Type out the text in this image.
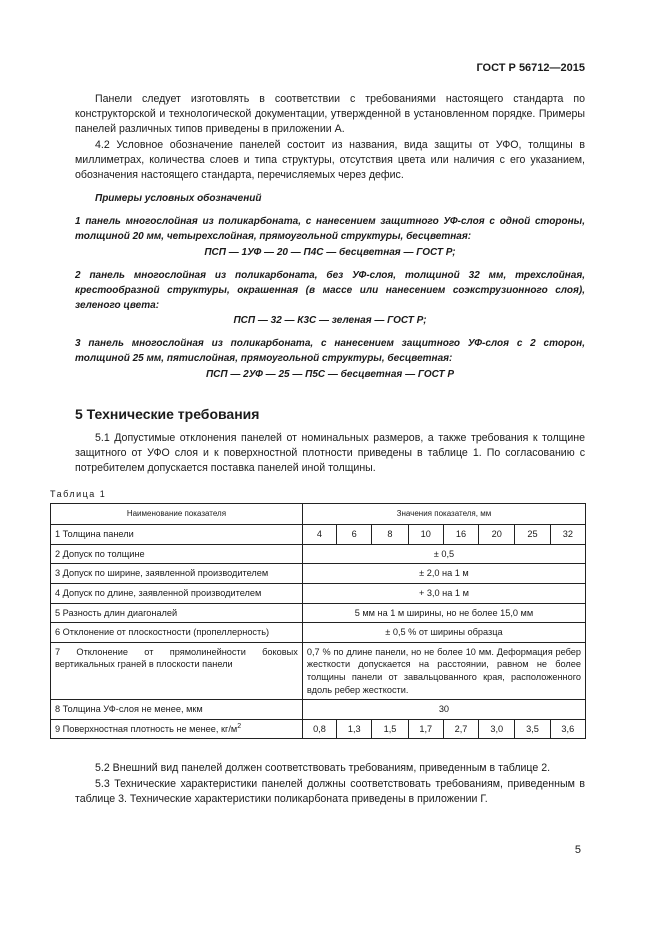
ГОСТ Р 56712—2015

Панели следует изготовлять в соответствии с требованиями настоящего стандарта по конструкторской и технологической документации, утвержденной в установленном порядке. Примеры панелей различных типов приведены в приложении А.

4.2 Условное обозначение панелей состоит из названия, вида защиты от УФО, толщины в миллиметрах, количества слоев и типа структуры, отсутствия цвета или наличия с его указанием, обозначения настоящего стандарта, перечисляемых через дефис.

Примеры условных обозначений

1 панель многослойная из поликарбоната, с нанесением защитного УФ-слоя с одной стороны, толщиной 20 мм, четырехслойная, прямоугольной структуры, бесцветная:

ПСП — 1УФ — 20 — П4С — бесцветная — ГОСТ Р;

2 панель многослойная из поликарбоната, без УФ-слоя, толщиной 32 мм, трехслойная, крестообразной структуры, окрашенная (в массе или нанесением соэкструзионного слоя), зеленого цвета:

ПСП — 32 — К3С — зеленая — ГОСТ Р;

3 панель многослойная из поликарбоната, с нанесением защитного УФ-слоя с 2 сторон, толщиной 25 мм, пятислойная, прямоугольной структуры, бесцветная:

ПСП — 2УФ — 25 — П5С — бесцветная — ГОСТ Р

5 Технические требования

5.1 Допустимые отклонения панелей от номинальных размеров, а также требования к толщине защитного от УФО слоя и к поверхностной плотности приведены в таблице 1. По согласованию с потребителем допускается поставка панелей иной толщины.

Таблица 1
Наименование показателя	Значения показателя, мм							
1 Толщина панели	4	6	8	10	16	20	25	32
2 Допуск по толщине	± 0,5							
3 Допуск по ширине, заявленной производителем	± 2,0 на 1 м							
4 Допуск по длине, заявленной производителем	+ 3,0 на 1 м							
5 Разность длин диагоналей	5 мм на 1 м ширины, но не более 15,0 мм							
6 Отклонение от плоскостности (пропеллерность)	± 0,5 % от ширины образца							
7 Отклонение от прямолинейности боковых вертикальных граней в плоскости панели	0,7 % по длине панели, но не более 10 мм. Деформация ребер жесткости допускается на расстоянии, равном не более толщины панели от завальцованного края, расположенного вдоль ребер жесткости.							
8 Толщина УФ-слоя не менее, мкм	30							
9 Поверхностная плотность не менее, $кг/м^2$	0,8	1,3	1,5	1,7	2,7	3,0	3,5	3,6

5.2 Внешний вид панелей должен соответствовать требованиям, приведенным в таблице 2.

5.3 Технические характеристики панелей должны соответствовать требованиям, приведенным в таблице 3. Технические характеристики поликарбоната приведены в приложении Г.

5
